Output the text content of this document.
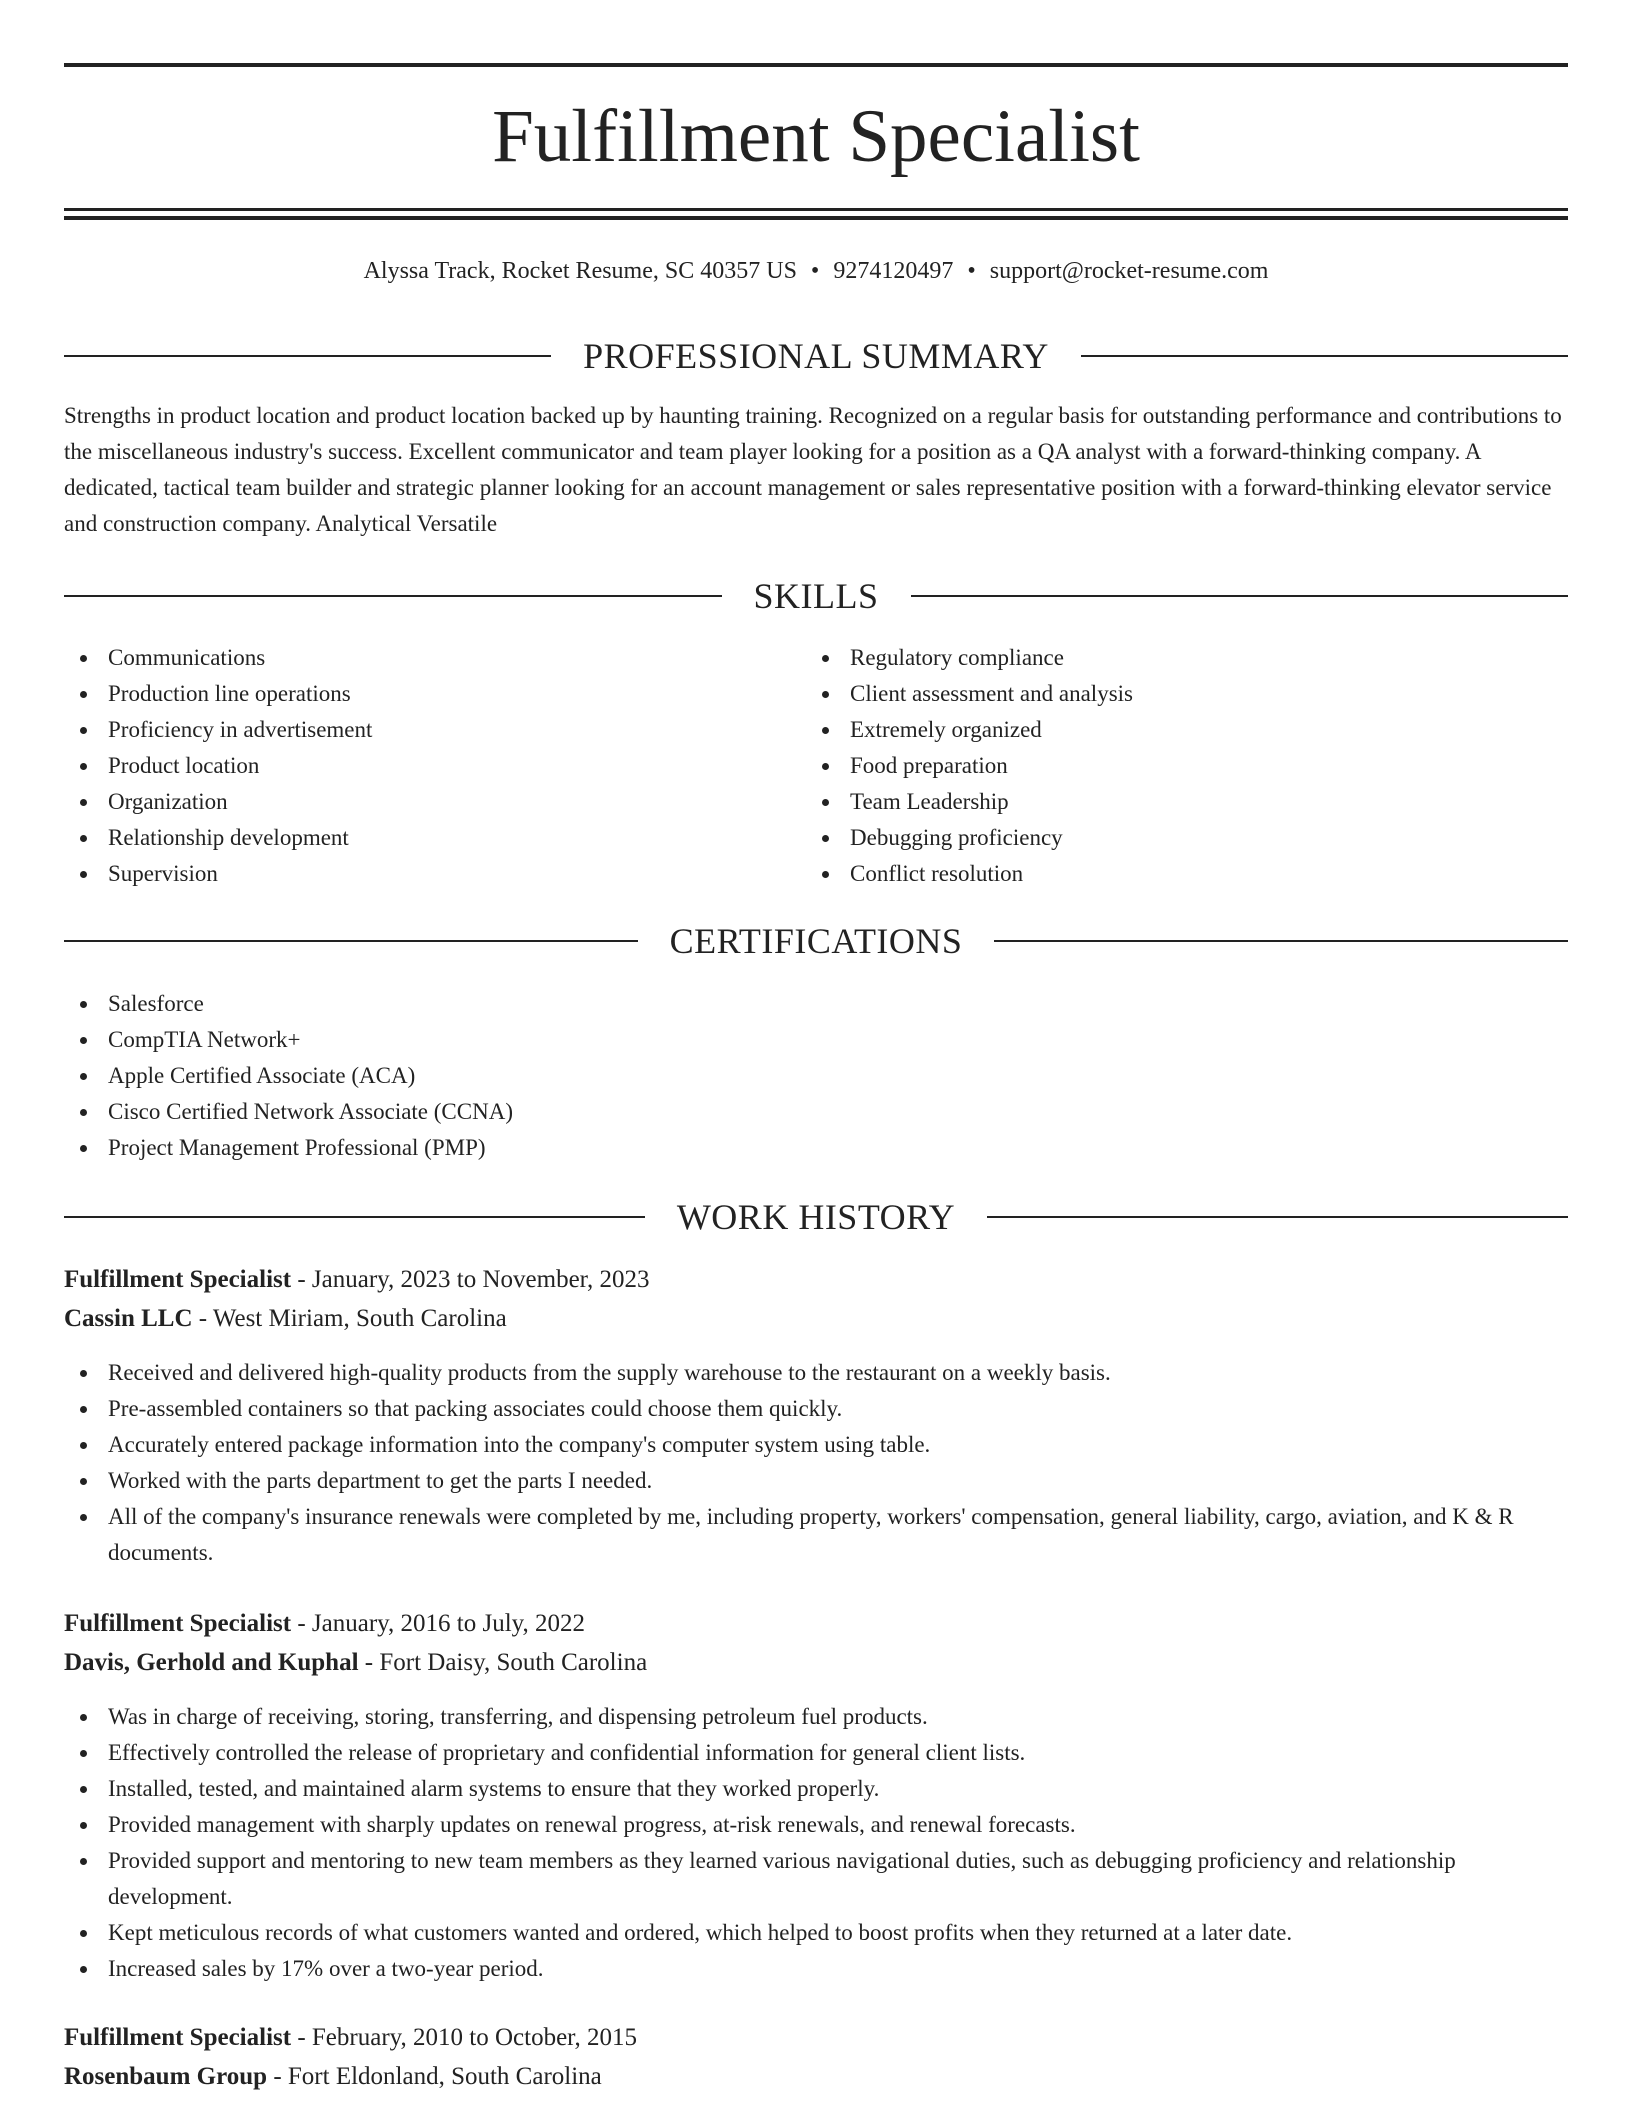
Fulfillment Specialist
Alyssa Track, Rocket Resume, SC 40357 US • 9274120497 • support@rocket-resume.com
PROFESSIONAL SUMMARY

Strengths in product location and product location backed up by haunting training. Recognized on a regular basis for outstanding performance and contributions to the miscellaneous industry's success. Excellent communicator and team player looking for a position as a QA analyst with a forward-thinking company. A dedicated, tactical team builder and strategic planner looking for an account management or sales representative position with a forward-thinking elevator service and construction company. Analytical Versatile

SKILLS
Communications
Production line operations
Proficiency in advertisement
Product location
Organization
Relationship development
Supervision
Regulatory compliance
Client assessment and analysis
Extremely organized
Food preparation
Team Leadership
Debugging proficiency
Conflict resolution
CERTIFICATIONS
Salesforce
CompTIA Network+
Apple Certified Associate (ACA)
Cisco Certified Network Associate (CCNA)
Project Management Professional (PMP)
WORK HISTORY
Fulfillment Specialist - January, 2023 to November, 2023
Cassin LLC - West Miriam, South Carolina
Received and delivered high-quality products from the supply warehouse to the restaurant on a weekly basis.
Pre-assembled containers so that packing associates could choose them quickly.
Accurately entered package information into the company's computer system using table.
Worked with the parts department to get the parts I needed.
All of the company's insurance renewals were completed by me, including property, workers' compensation, general liability, cargo, aviation, and K & R documents.
Fulfillment Specialist - January, 2016 to July, 2022
Davis, Gerhold and Kuphal - Fort Daisy, South Carolina
Was in charge of receiving, storing, transferring, and dispensing petroleum fuel products.
Effectively controlled the release of proprietary and confidential information for general client lists.
Installed, tested, and maintained alarm systems to ensure that they worked properly.
Provided management with sharply updates on renewal progress, at-risk renewals, and renewal forecasts.
Provided support and mentoring to new team members as they learned various navigational duties, such as debugging proficiency and relationship development.
Kept meticulous records of what customers wanted and ordered, which helped to boost profits when they returned at a later date.
Increased sales by 17% over a two-year period.
Fulfillment Specialist - February, 2010 to October, 2015
Rosenbaum Group - Fort Eldonland, South Carolina
